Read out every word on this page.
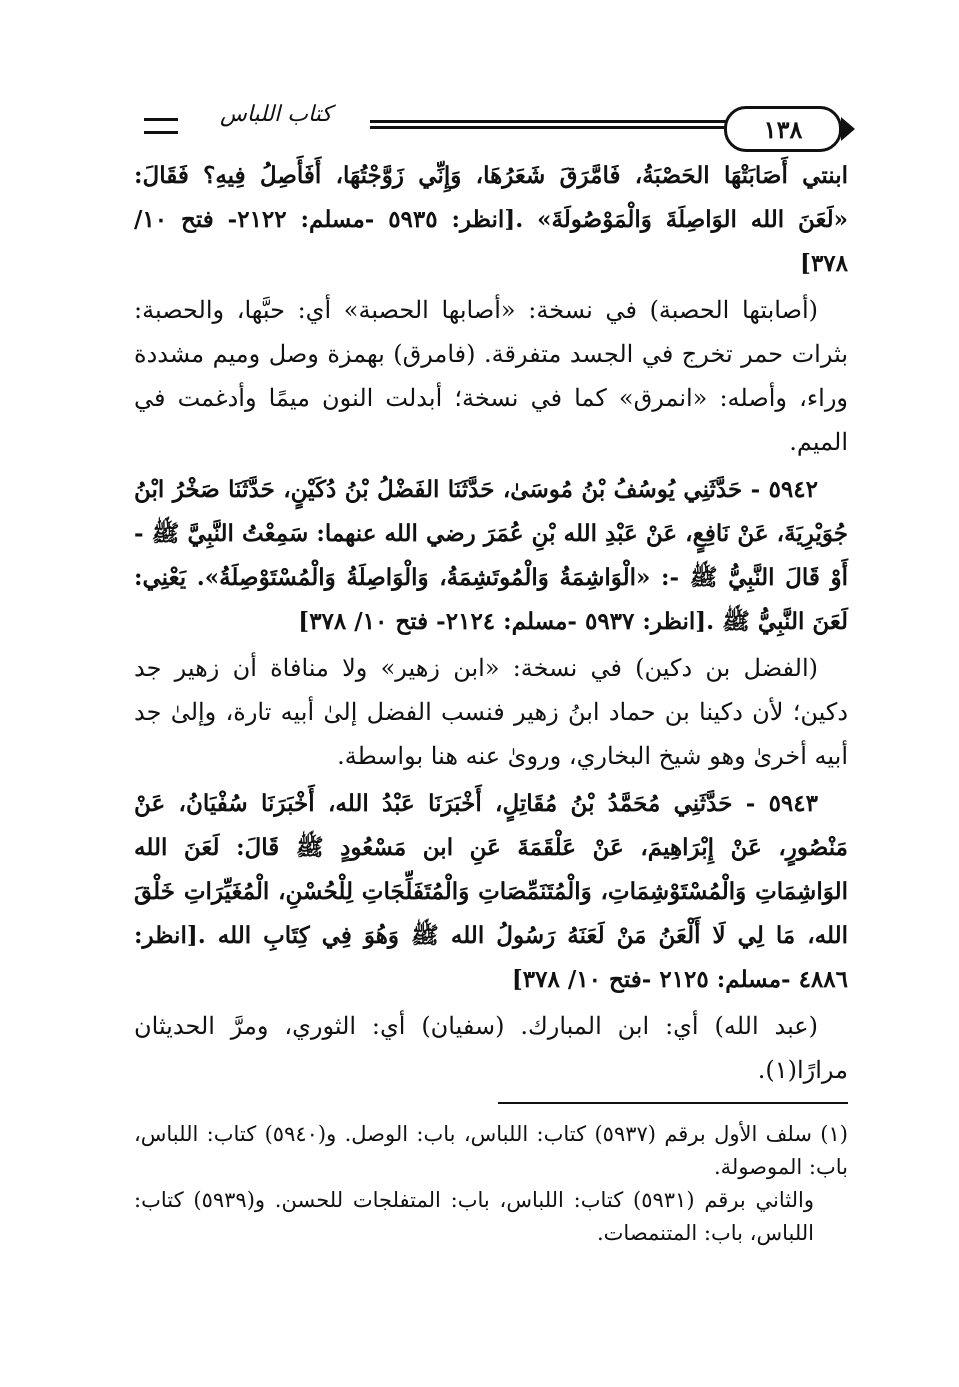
كتاب اللباس	١٣٨

ابنتي أَصَابَتْهَا الحَصْبَةُ، فَامَّرَقَ شَعَرُهَا، وَإِنِّي زَوَّجْتُهَا، أَفَأَصِلُ فِيهِ؟ فَقَالَ: «لَعَنَ الله الوَاصِلَةَ وَالْمَوْصُولَةَ» .[انظر: ٥٩٣٥ -مسلم: ٢١٢٢- فتح ١٠/ ٣٧٨]

(أصابتها الحصبة) في نسخة: «أصابها الحصبة» أي: حبَّها، والحصبة: بثرات حمر تخرج في الجسد متفرقة. (فامرق) بهمزة وصل وميم مشددة وراء، وأصله: «انمرق» كما في نسخة؛ أبدلت النون ميمًا وأدغمت في الميم.

٥٩٤٢ - حَدَّثَنِي يُوسُفُ بْنُ مُوسَىٰ، حَدَّثَنَا الفَضْلُ بْنُ دُكَيْنٍ، حَدَّثَنَا صَخْرُ ابْنُ جُوَيْرِيَةَ، عَنْ نَافِعٍ، عَنْ عَبْدِ الله بْنِ عُمَرَ رضي الله عنهما: سَمِعْتُ النَّبِيَّ ﷺ - أَوْ قَالَ النَّبِيُّ ﷺ -: «الْوَاشِمَةُ وَالْمُوتَشِمَةُ، وَالْوَاصِلَةُ وَالْمُسْتَوْصِلَةُ». يَعْنِي: لَعَنَ النَّبِيُّ ﷺ .[انظر: ٥٩٣٧ -مسلم: ٢١٢٤- فتح ١٠/ ٣٧٨]

(الفضل بن دكين) في نسخة: «ابن زهير» ولا منافاة أن زهير جد دكين؛ لأن دكينا بن حماد ابنُ زهير فنسب الفضل إلىٰ أبيه تارة، وإلىٰ جد أبيه أخرىٰ وهو شيخ البخاري، وروىٰ عنه هنا بواسطة.

٥٩٤٣ - حَدَّثَنِي مُحَمَّدُ بْنُ مُقَاتِلٍ، أَخْبَرَنَا عَبْدُ الله، أَخْبَرَنَا سُفْيَانُ، عَنْ مَنْصُورٍ، عَنْ إِبْرَاهِيمَ، عَنْ عَلْقَمَةَ عَنِ ابن مَسْعُودٍ ﷺ قَالَ: لَعَنَ الله الوَاشِمَاتِ وَالْمُسْتَوْشِمَاتِ، وَالْمُتَنَمِّصَاتِ وَالْمُتَفَلِّجَاتِ لِلْحُسْنِ، الْمُغَيِّرَاتِ خَلْقَ الله، مَا لِي لَا أَلْعَنُ مَنْ لَعَنَهُ رَسُولُ الله ﷺ وَهُوَ فِي كِتَابِ الله .[انظر: ٤٨٨٦ -مسلم: ٢١٢٥ -فتح ١٠/ ٣٧٨]

(عبد الله) أي: ابن المبارك. (سفيان) أي: الثوري، ومرَّ الحديثان مرارًا(١).

(١) سلف الأول برقم (٥٩٣٧) كتاب: اللباس، باب: الوصل. و(٥٩٤٠) كتاب: اللباس، باب: الموصولة.
والثاني برقم (٥٩٣١) كتاب: اللباس، باب: المتفلجات للحسن. و(٥٩٣٩) كتاب: اللباس، باب: المتنمصات.
